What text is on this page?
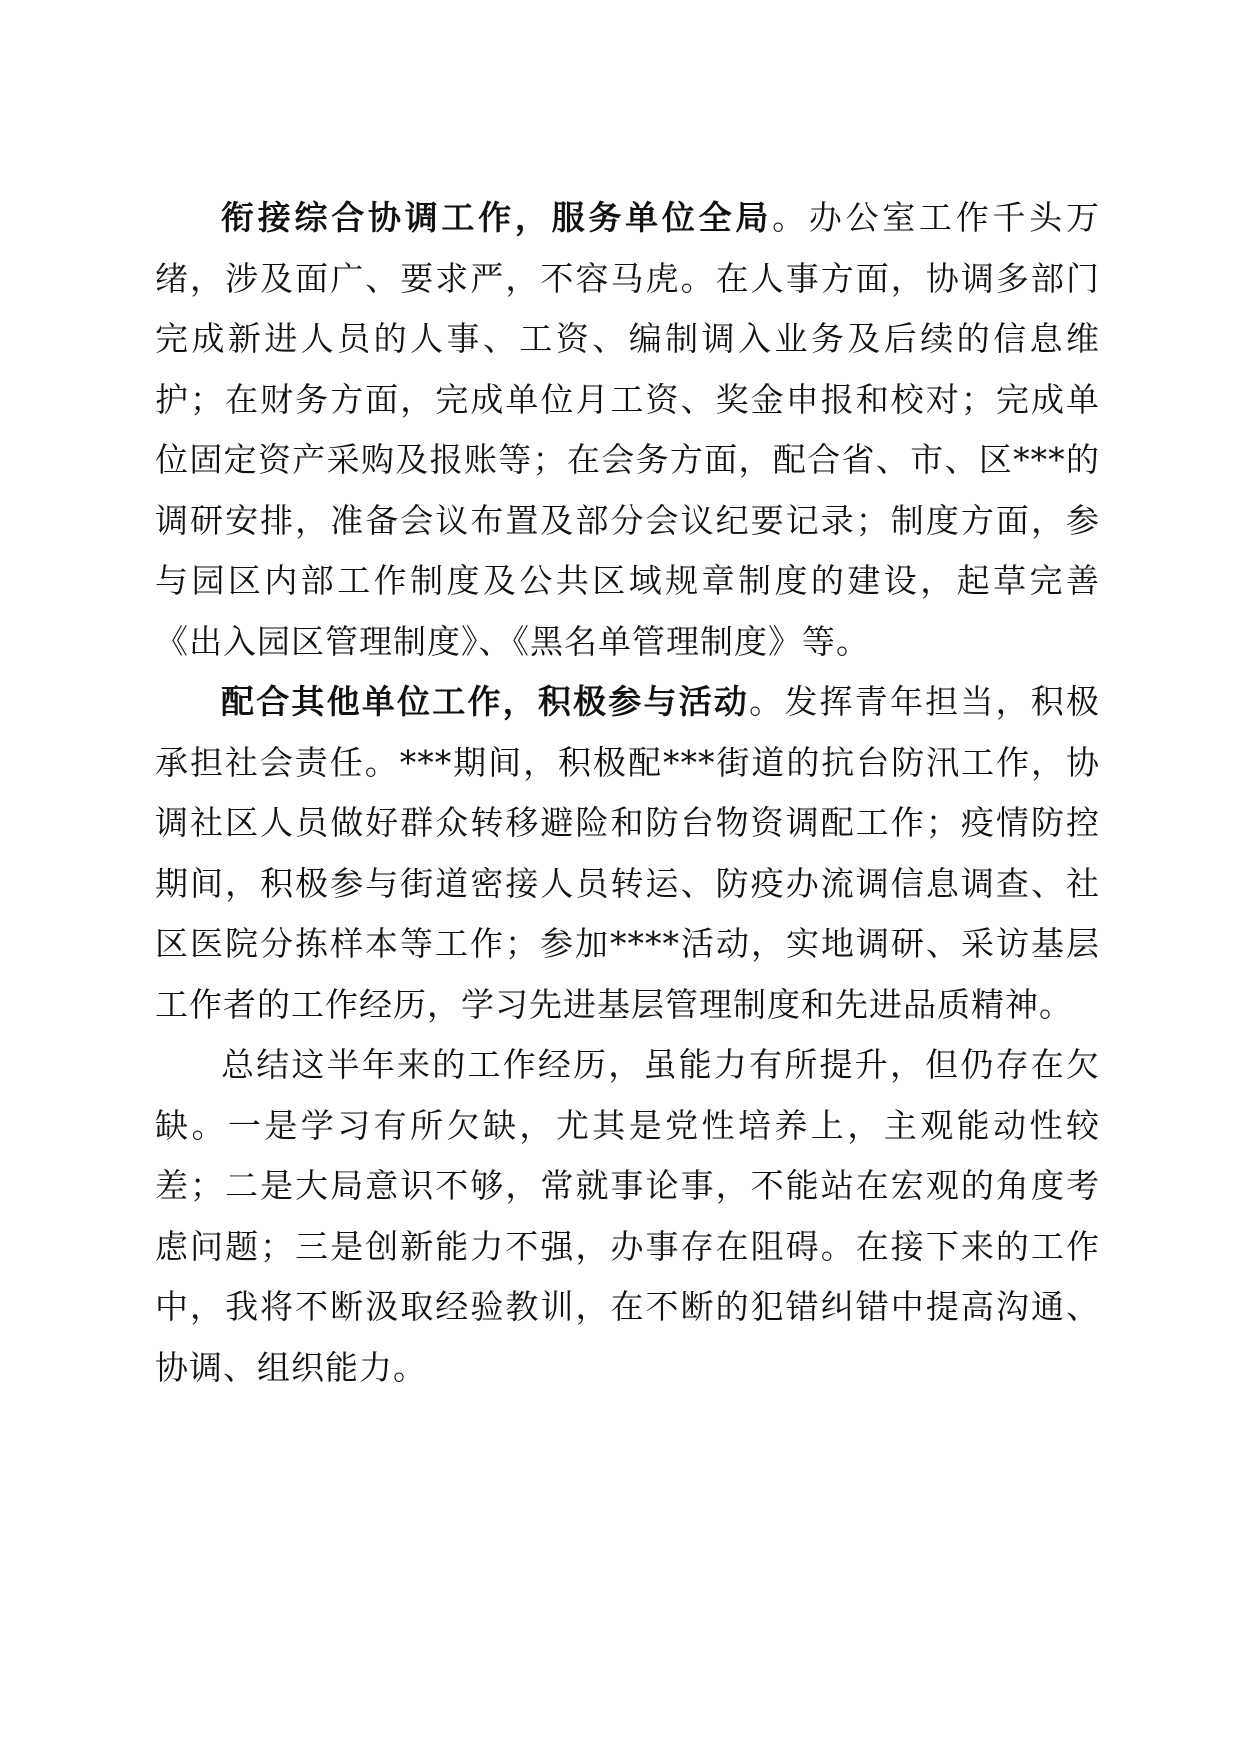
衔接综合协调工作，服务单位全局。办公室工作千头万绪，涉及面广、要求严，不容马虎。在人事方面，协调多部门完成新进人员的人事、工资、编制调入业务及后续的信息维护；在财务方面，完成单位月工资、奖金申报和校对；完成单位固定资产采购及报账等；在会务方面，配合省、市、区***的调研安排，准备会议布置及部分会议纪要记录；制度方面，参与园区内部工作制度及公共区域规章制度的建设，起草完善《出入园区管理制度》、《黑名单管理制度》等。

配合其他单位工作，积极参与活动。发挥青年担当，积极承担社会责任。***期间，积极配***街道的抗台防汛工作，协调社区人员做好群众转移避险和防台物资调配工作；疫情防控期间，积极参与街道密接人员转运、防疫办流调信息调查、社区医院分拣样本等工作；参加****活动，实地调研、采访基层工作者的工作经历，学习先进基层管理制度和先进品质精神。

总结这半年来的工作经历，虽能力有所提升，但仍存在欠缺。一是学习有所欠缺，尤其是党性培养上，主观能动性较差；二是大局意识不够，常就事论事，不能站在宏观的角度考虑问题；三是创新能力不强，办事存在阻碍。在接下来的工作中，我将不断汲取经验教训，在不断的犯错纠错中提高沟通、协调、组织能力。
